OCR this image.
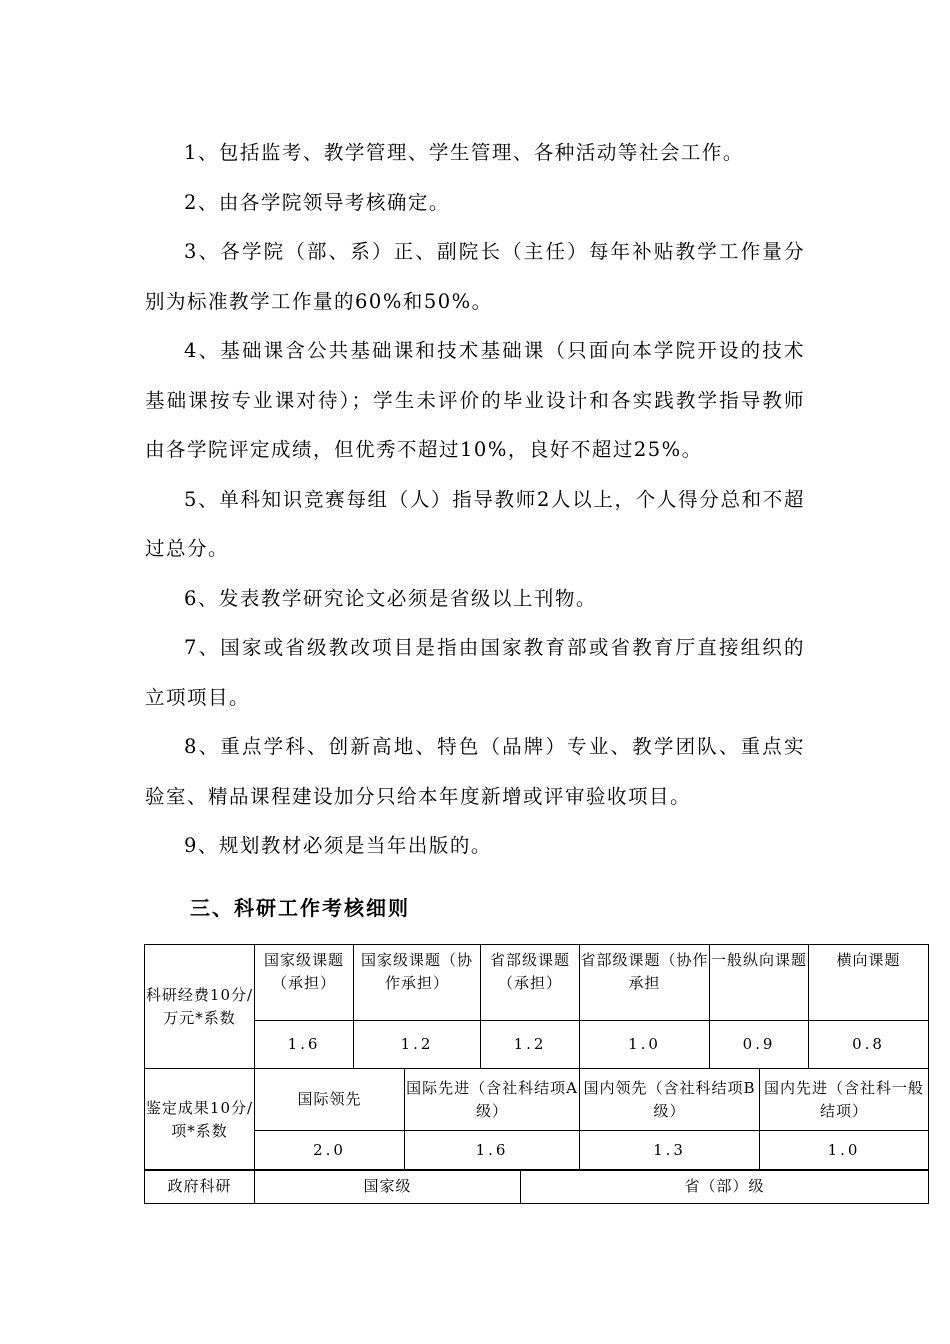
1、包括监考、教学管理、学生管理、各种活动等社会工作。

2、由各学院领导考核确定。

3、各学院（部、系）正、副院长（主任）每年补贴教学工作量分别为标准教学工作量的60%和50%。

4、基础课含公共基础课和技术基础课（只面向本学院开设的技术基础课按专业课对待）；学生未评价的毕业设计和各实践教学指导教师由各学院评定成绩，但优秀不超过10%，良好不超过25%。

5、单科知识竞赛每组（人）指导教师2人以上，个人得分总和不超过总分。

6、发表教学研究论文必须是省级以上刊物。

7、国家或省级教改项目是指由国家教育部或省教育厅直接组织的立项项目。

8、重点学科、创新高地、特色（品牌）专业、教学团队、重点实验室、精品课程建设加分只给本年度新增或评审验收项目。

9、规划教材必须是当年出版的。

三、科研工作考核细则
科研经费10分/万元*系数	国家级课题（承担）	国家级课题（协作承担）	省部级课题（承担）	省部级课题（协作承担	一般纵向课题	横向课题
	1.6	1.2	1.2	1.0	0.9	0.8
鉴定成果10分/项*系数	国际领先	国际先进（含社科结项A级）	国内领先（含社科结项B级）	国内先进（含社科一般结项）
	2.0	1.6	1.3	1.0
政府科研	国家级	省（部）级
